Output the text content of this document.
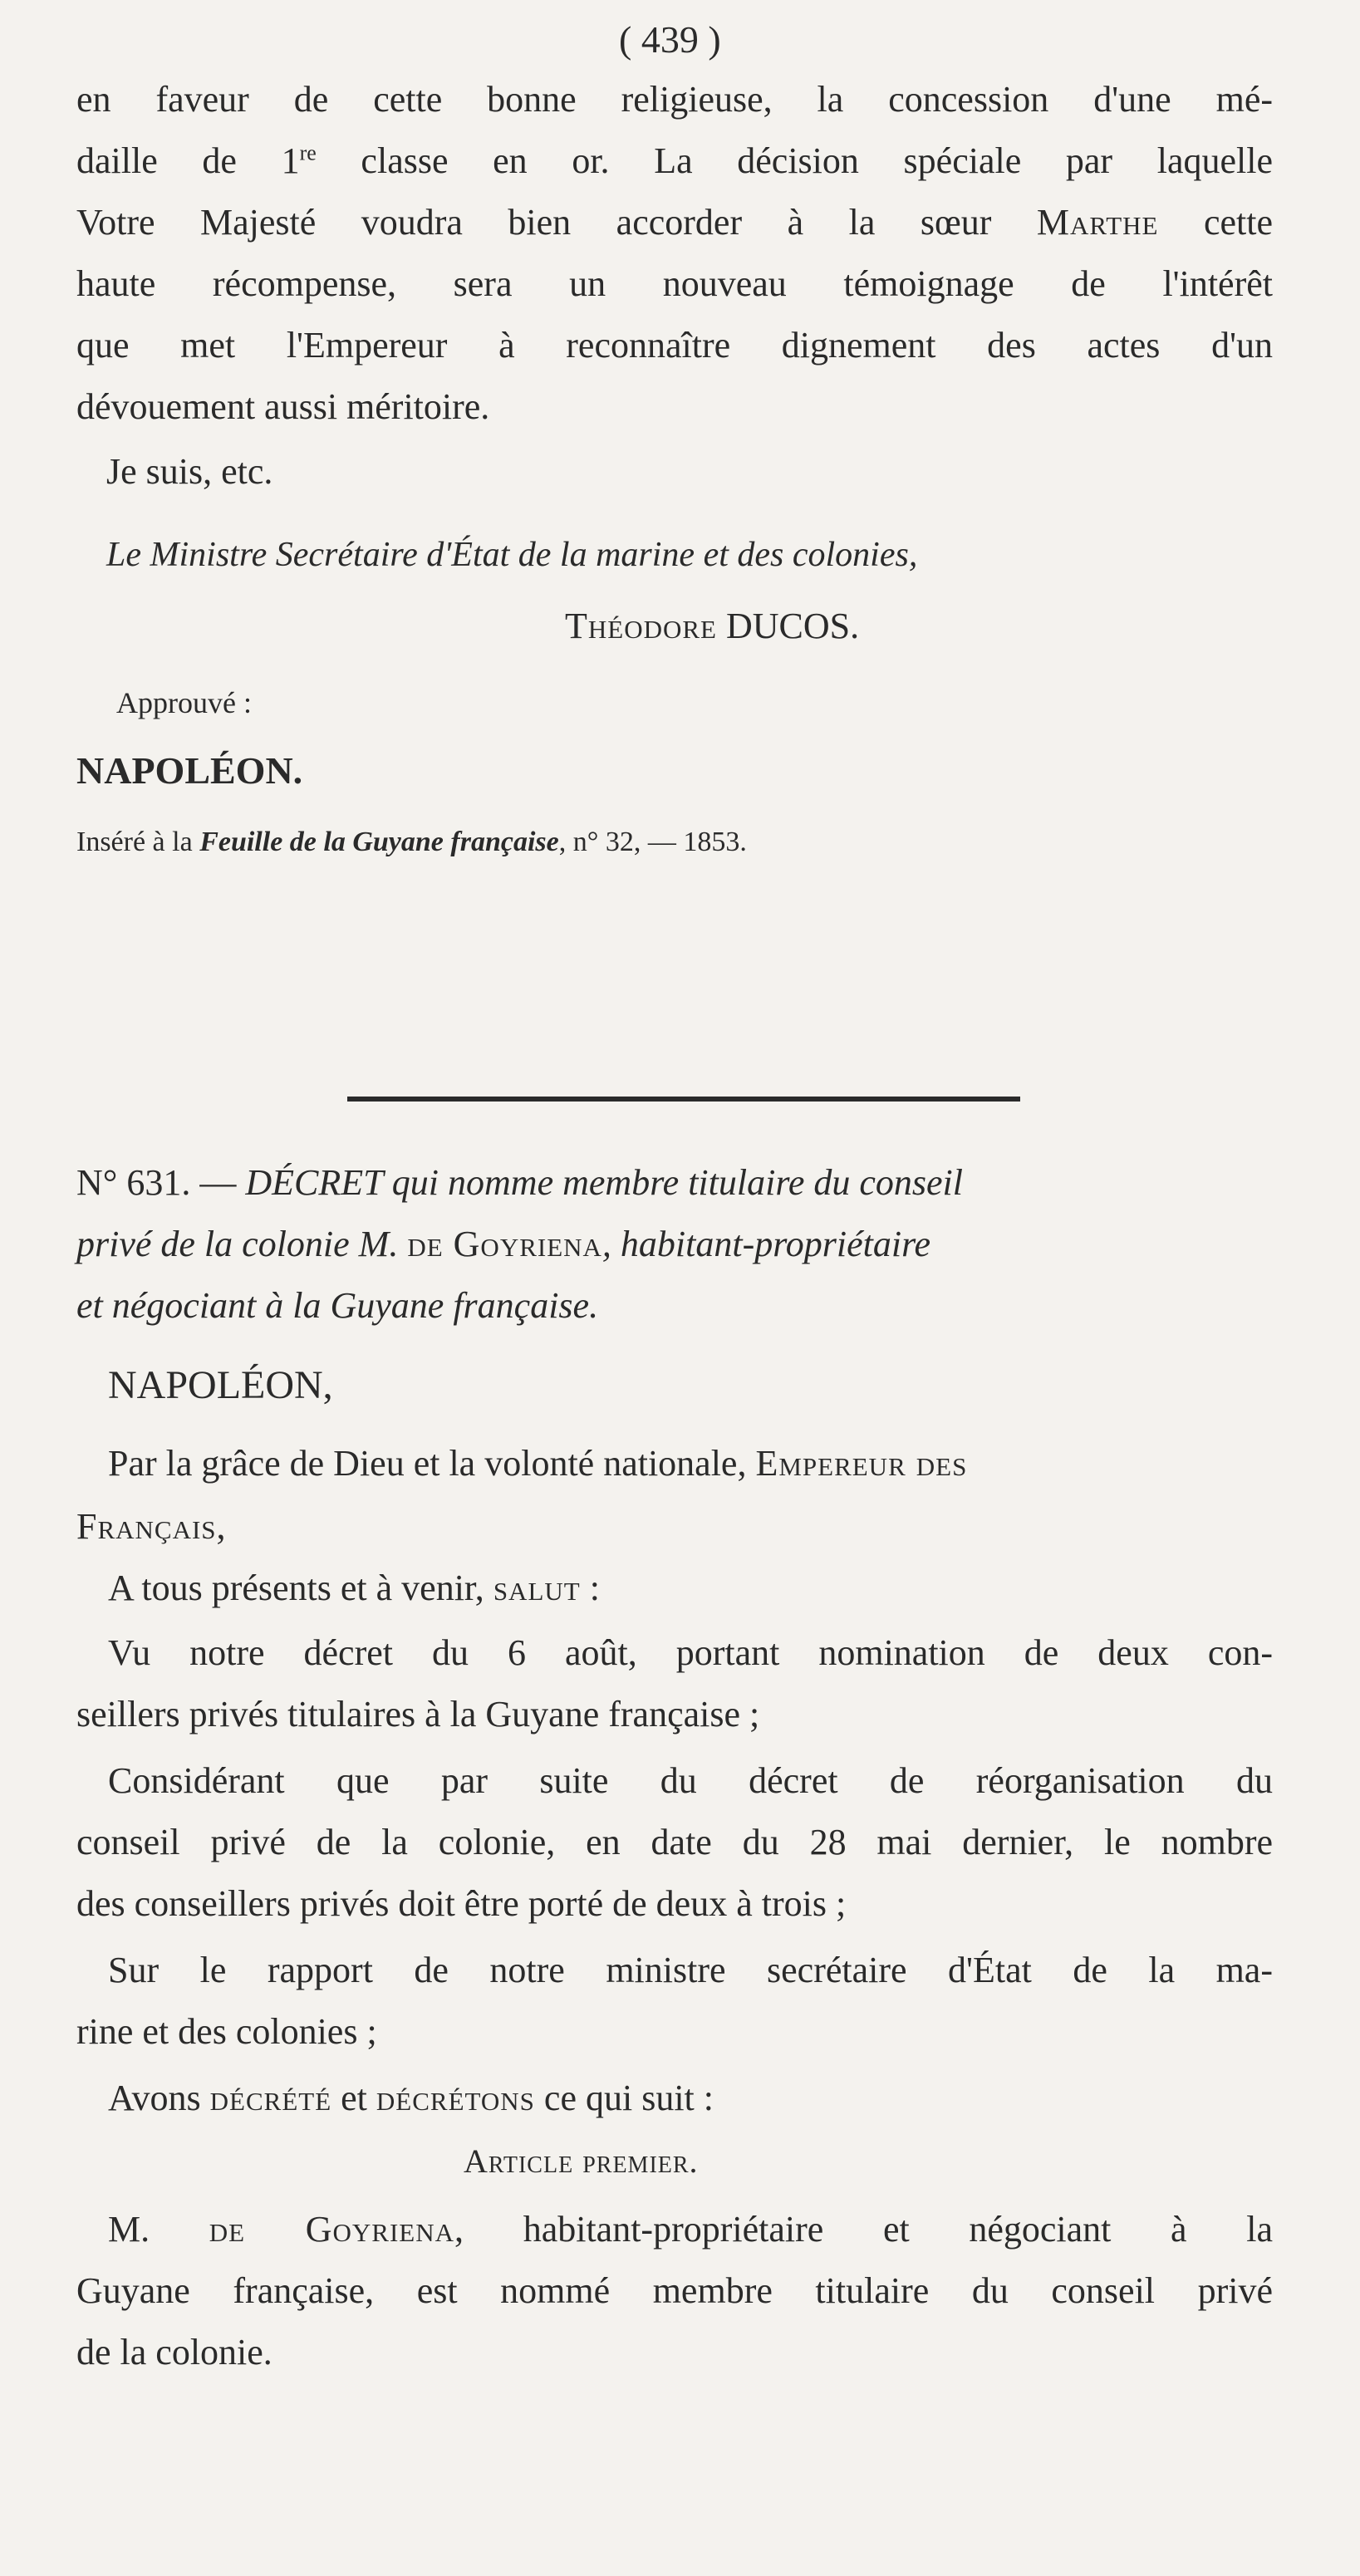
( 439 )
en faveur de cette bonne religieuse, la concession d'une mé-
daille de 1re classe en or. La décision spéciale par laquelle
Votre Majesté voudra bien accorder à la sœur Marthe cette
haute récompense, sera un nouveau témoignage de l'intérêt
que met l'Empereur à reconnaître dignement des actes d'un
dévouement aussi méritoire.
Je suis, etc.
Le Ministre Secrétaire d'État de la marine et des colonies,
Théodore DUCOS.
Approuvé :
NAPOLÉON.
Inséré à la Feuille de la Guyane française, n° 32, — 1853.
N° 631. — DÉCRET qui nomme membre titulaire du conseil
privé de la colonie M. de Goyriena, habitant-propriétaire
et négociant à la Guyane française.
NAPOLÉON,
Par la grâce de Dieu et la volonté nationale, Empereur des
Français,
A tous présents et à venir, salut :
Vu notre décret du 6 août, portant nomination de deux con-
seillers privés titulaires à la Guyane française ;
Considérant que par suite du décret de réorganisation du
conseil privé de la colonie, en date du 28 mai dernier, le nombre
des conseillers privés doit être porté de deux à trois ;
Sur le rapport de notre ministre secrétaire d'État de la ma-
rine et des colonies ;
Avons décrété et décrétons ce qui suit :
Article premier.
M. de Goyriena, habitant-propriétaire et négociant à la
Guyane française, est nommé membre titulaire du conseil privé
de la colonie.
